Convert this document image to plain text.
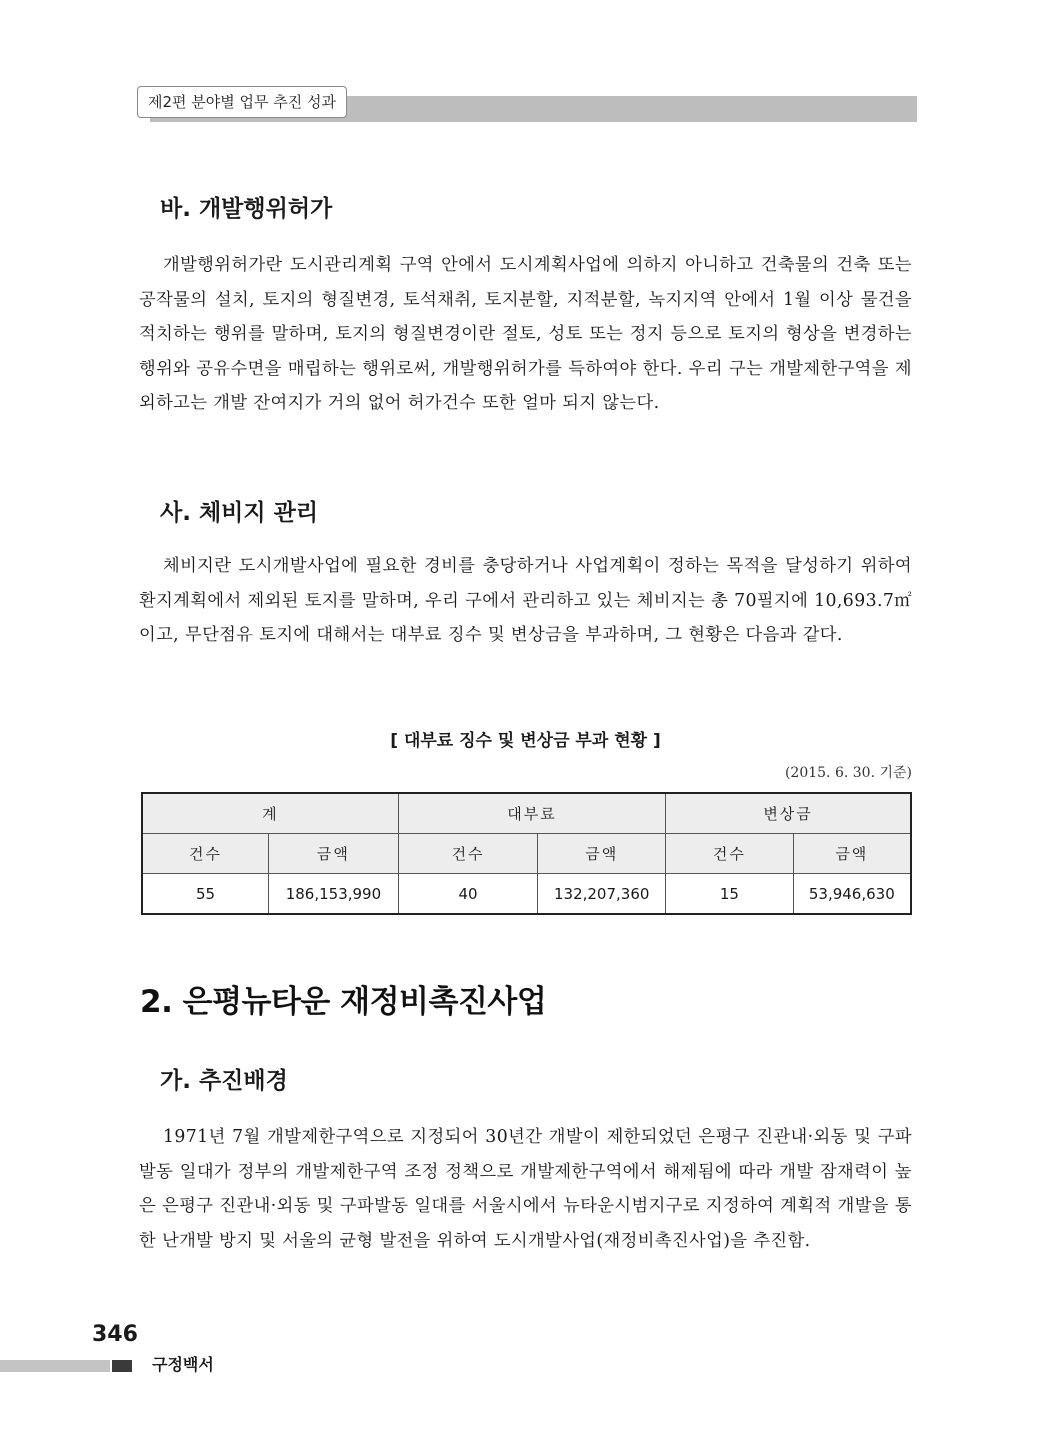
제2편 분야별 업무 추진 성과
바. 개발행위허가

개발행위허가란 도시관리계획 구역 안에서 도시계획사업에 의하지 아니하고 건축물의 건축 또는 공작물의 설치, 토지의 형질변경, 토석채취, 토지분할, 지적분할, 녹지지역 안에서 1월 이상 물건을 적치하는 행위를 말하며, 토지의 형질변경이란 절토, 성토 또는 정지 등으로 토지의 형상을 변경하는 행위와 공유수면을 매립하는 행위로써, 개발행위허가를 득하여야 한다. 우리 구는 개발제한구역을 제외하고는 개발 잔여지가 거의 없어 허가건수 또한 얼마 되지 않는다.

사. 체비지 관리

체비지란 도시개발사업에 필요한 경비를 충당하거나 사업계획이 정하는 목적을 달성하기 위하여 환지계획에서 제외된 토지를 말하며, 우리 구에서 관리하고 있는 체비지는 총 70필지에 10,693.7㎡이고, 무단점유 토지에 대해서는 대부료 징수 및 변상금을 부과하며, 그 현황은 다음과 같다.

[ 대부료 징수 및 변상금 부과 현황 ]
(2015. 6. 30. 기준)
계		대부료		변상금	
건수	금액	건수	금액	건수	금액
55	186,153,990	40	132,207,360	15	53,946,630
2. 은평뉴타운 재정비촉진사업
가. 추진배경

1971년 7월 개발제한구역으로 지정되어 30년간 개발이 제한되었던 은평구 진관내·외동 및 구파발동 일대가 정부의 개발제한구역 조정 정책으로 개발제한구역에서 해제됨에 따라 개발 잠재력이 높은 은평구 진관내·외동 및 구파발동 일대를 서울시에서 뉴타운시범지구로 지정하여 계획적 개발을 통한 난개발 방지 및 서울의 균형 발전을 위하여 도시개발사업(재정비촉진사업)을 추진함.

346
구정백서
